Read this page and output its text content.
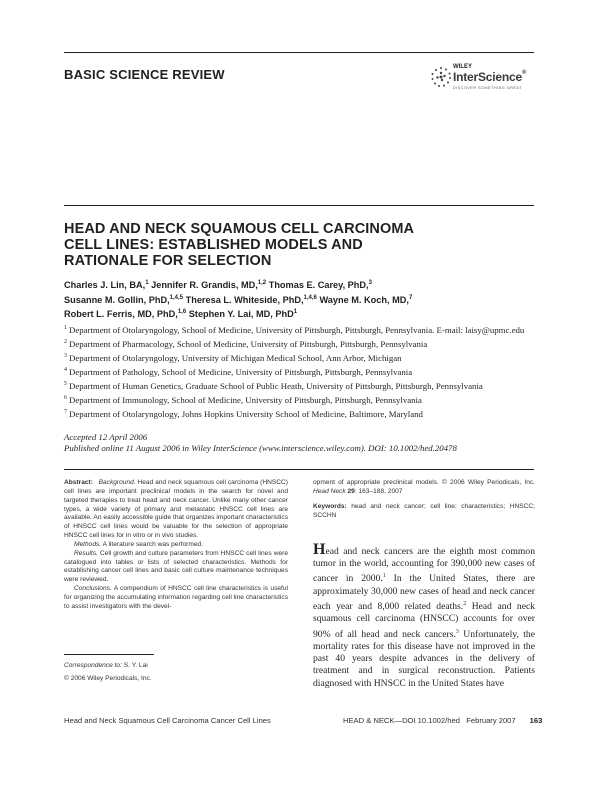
BASIC SCIENCE REVIEW	WILEY
InterScience®
DISCOVER SOMETHING GREAT
HEAD AND NECK SQUAMOUS CELL CARCINOMA
CELL LINES: ESTABLISHED MODELS AND
RATIONALE FOR SELECTION
Charles J. Lin, BA,$^1$ Jennifer R. Grandis, MD,$^{1,2}$ Thomas E. Carey, PhD,$^3$
Susanne M. Gollin, PhD,$^{1,4,5}$ Theresa L. Whiteside, PhD,$^{1,4,6}$ Wayne M. Koch, MD,$^7$
Robert L. Ferris, MD, PhD,$^{1,6}$ Stephen Y. Lai, MD, PhD$^1$
$^1$ Department of Otolaryngology, School of Medicine, University of Pittsburgh, Pittsburgh, Pennsylvania. E-mail: laisy@upmc.edu
$^2$ Department of Pharmacology, School of Medicine, University of Pittsburgh, Pittsburgh, Pennsylvania
$^3$ Department of Otolaryngology, University of Michigan Medical School, Ann Arbor, Michigan
$^4$ Department of Pathology, School of Medicine, University of Pittsburgh, Pittsburgh, Pennsylvania
$^5$ Department of Human Genetics, Graduate School of Public Heath, University of Pittsburgh, Pittsburgh, Pennsylvania
$^6$ Department of Immunology, School of Medicine, University of Pittsburgh, Pittsburgh, Pennsylvania
$^7$ Department of Otolaryngology, Johns Hopkins University School of Medicine, Baltimore, Maryland
Accepted 12 April 2006
Published online 11 August 2006 in Wiley InterScience (www.interscience.wiley.com). DOI: 10.1002/hed.20478

Abstract: Background. Head and neck squamous cell carcinoma (HNSCC) cell lines are important preclinical models in the search for novel and targeted therapies to treat head and neck cancer. Unlike many other cancer types, a wide variety of primary and metastatic HNSCC cell lines are available. An easily accessible guide that organizes important characteristics of HNSCC cell lines would be valuable for the selection of appropriate HNSCC cell lines for in vitro or in vivo studies.

Methods. A literature search was performed.

Results. Cell growth and culture parameters from HNSCC cell lines were catalogued into tables or lists of selected characteristics. Methods for establishing cancer cell lines and basic cell culture maintenance techniques were reviewed.

Conclusions. A compendium of HNSCC cell line characteristics is useful for organizing the accumulating information regarding cell line characteristics to assist investigators with the devel-

opment of appropriate preclinical models. © 2006 Wiley Periodicals, Inc. Head Neck 29: 163–188, 2007

Keywords: head and neck cancer; cell line; characteristics; HNSCC; SCCHN

Head and neck cancers are the eighth most common tumor in the world, accounting for 390,000 new cases of cancer in 2000.$^1$ In the United States, there are approximately 30,000 new cases of head and neck cancer each year and 8,000 related deaths.$^2$ Head and neck squamous cell carcinoma (HNSCC) accounts for over 90% of all head and neck cancers.$^3$ Unfortunately, the mortality rates for this disease have not improved in the past 40 years despite advances in the delivery of treatment and in surgical reconstruction. Patients diagnosed with HNSCC in the United States have
Correspondence to: S. Y. Lai
© 2006 Wiley Periodicals, Inc.
Head and Neck Squamous Cell Carcinoma Cancer Cell Lines	HEAD & NECK—DOI 10.1002/hed   February 2007 163
